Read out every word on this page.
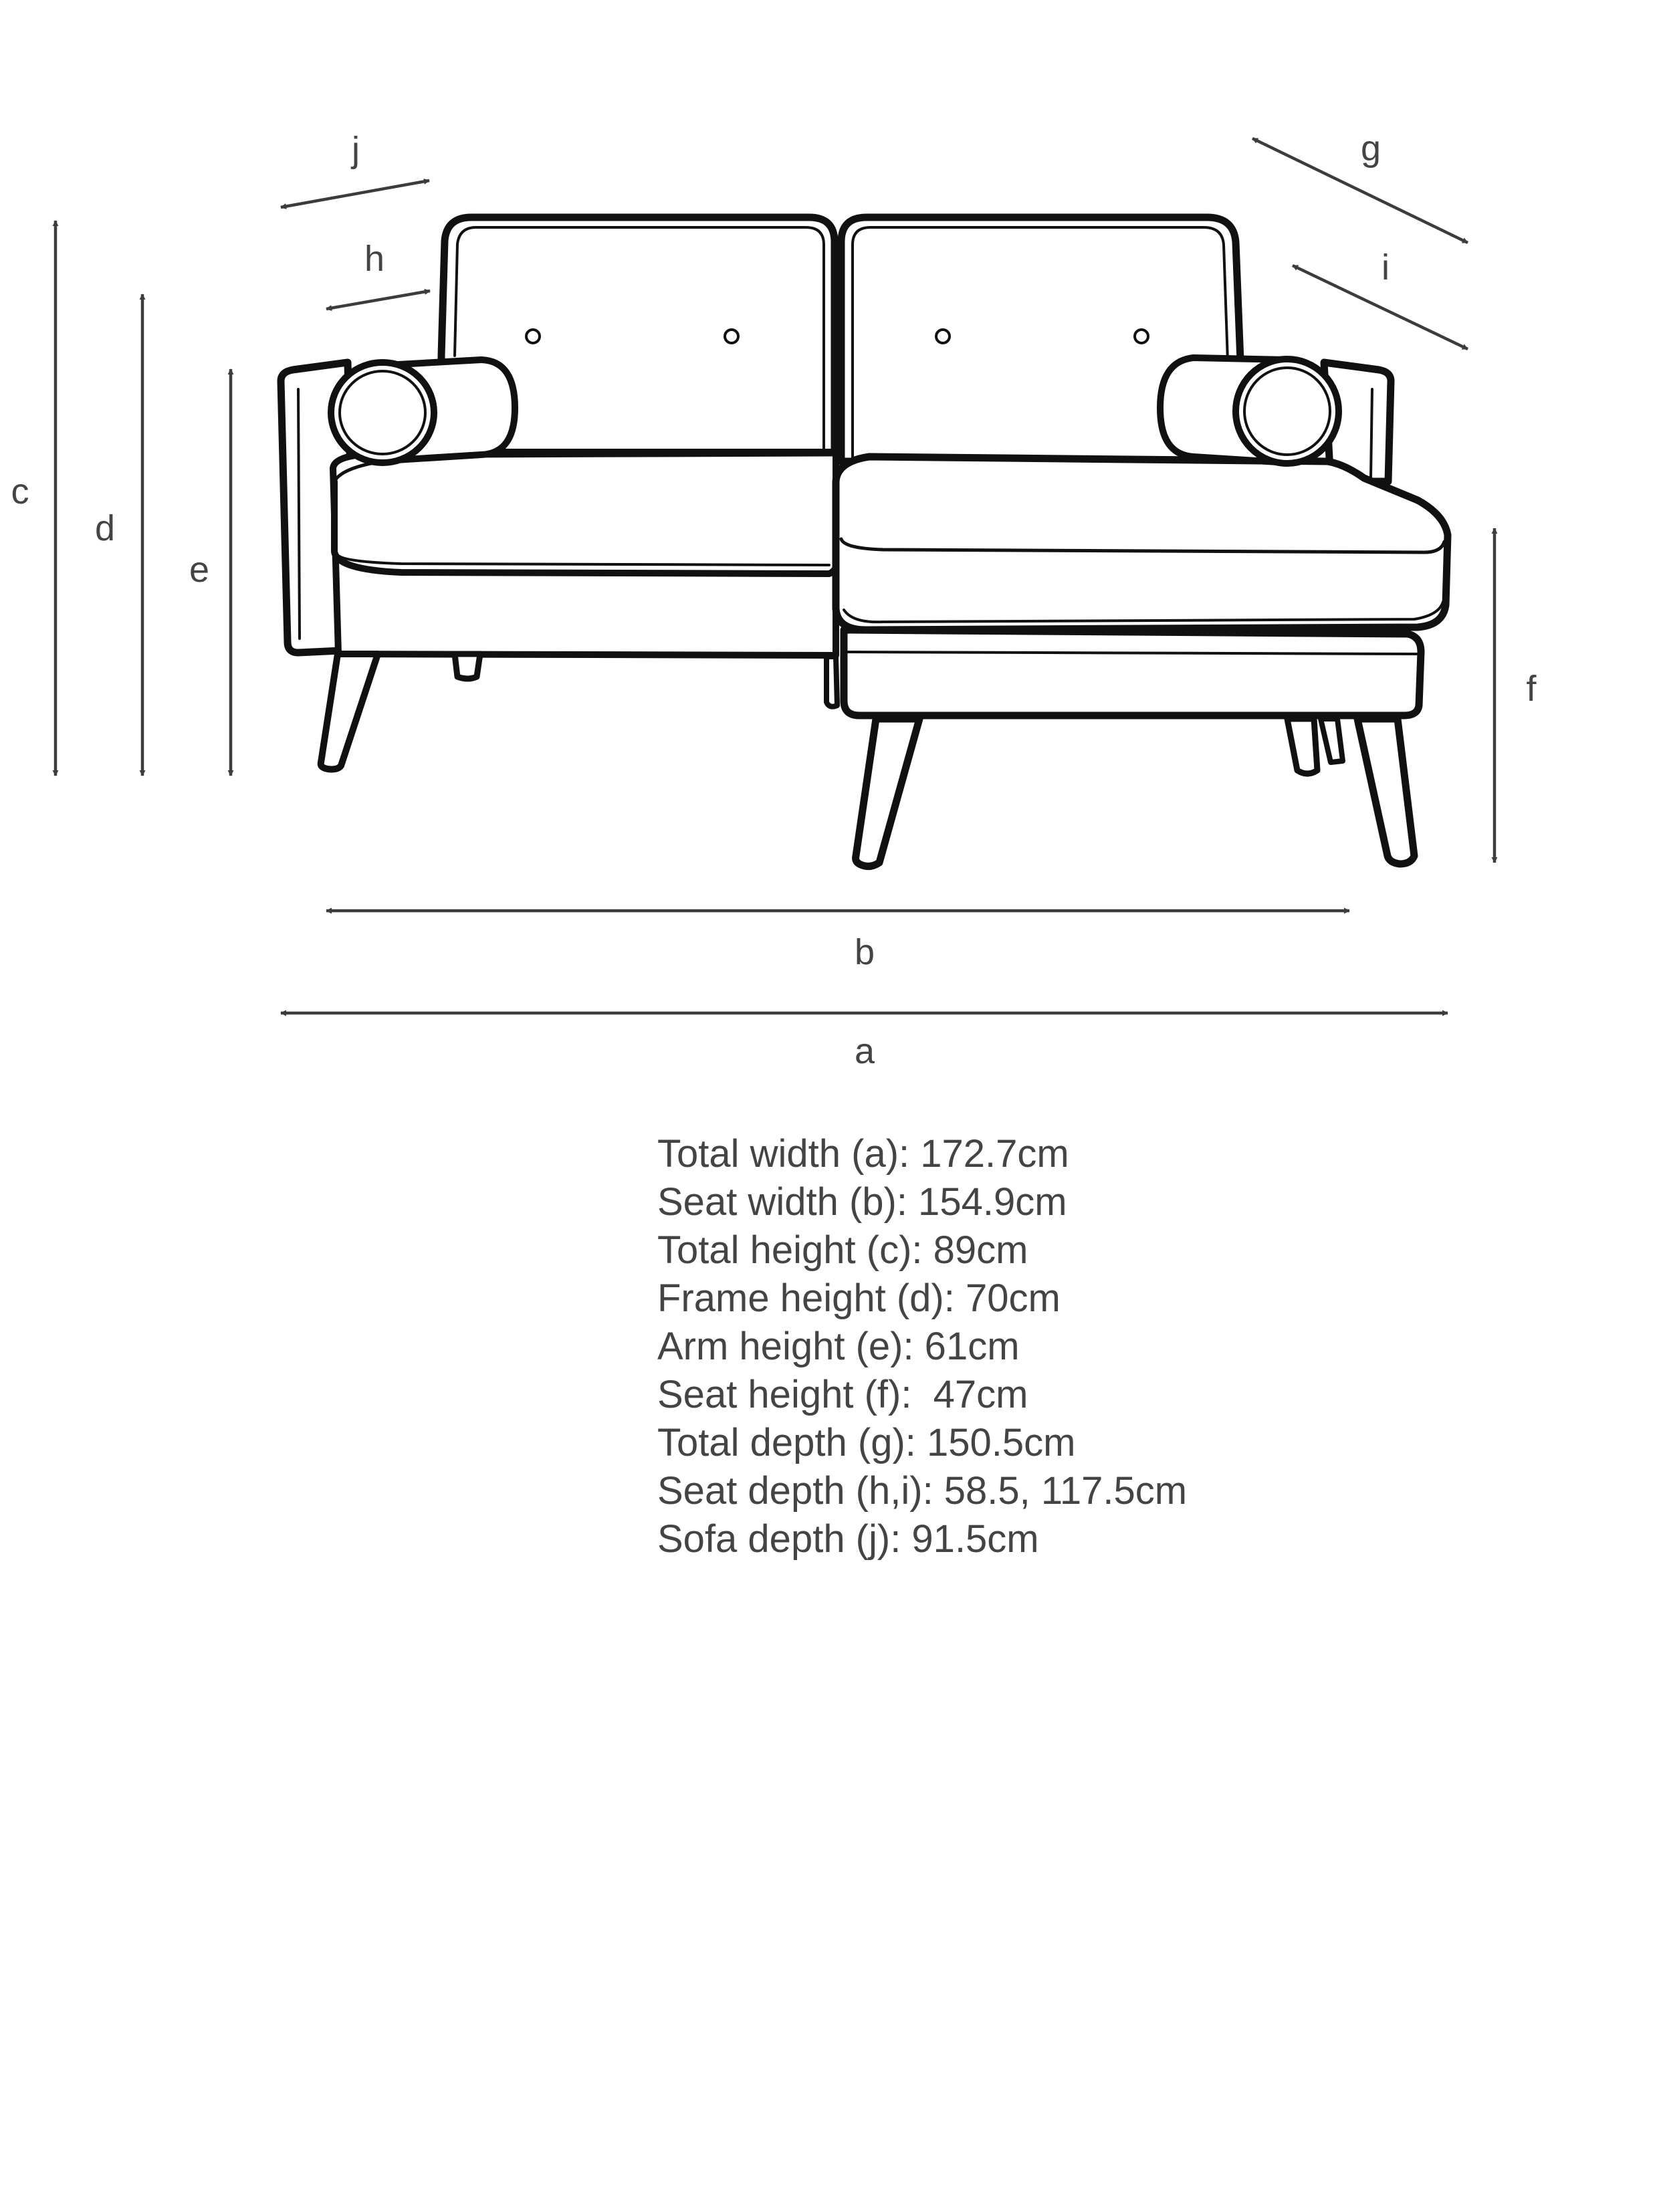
c
d
e
f
b
a
j
h
g
i

Total width (a): 172.7cm

Seat width (b): 154.9cm

Total height (c): 89cm

Frame height (d): 70cm

Arm height (e): 61cm

Seat height (f):  47cm

Total depth (g): 150.5cm

Seat depth (h,i): 58.5, 117.5cm

Sofa depth (j): 91.5cm
